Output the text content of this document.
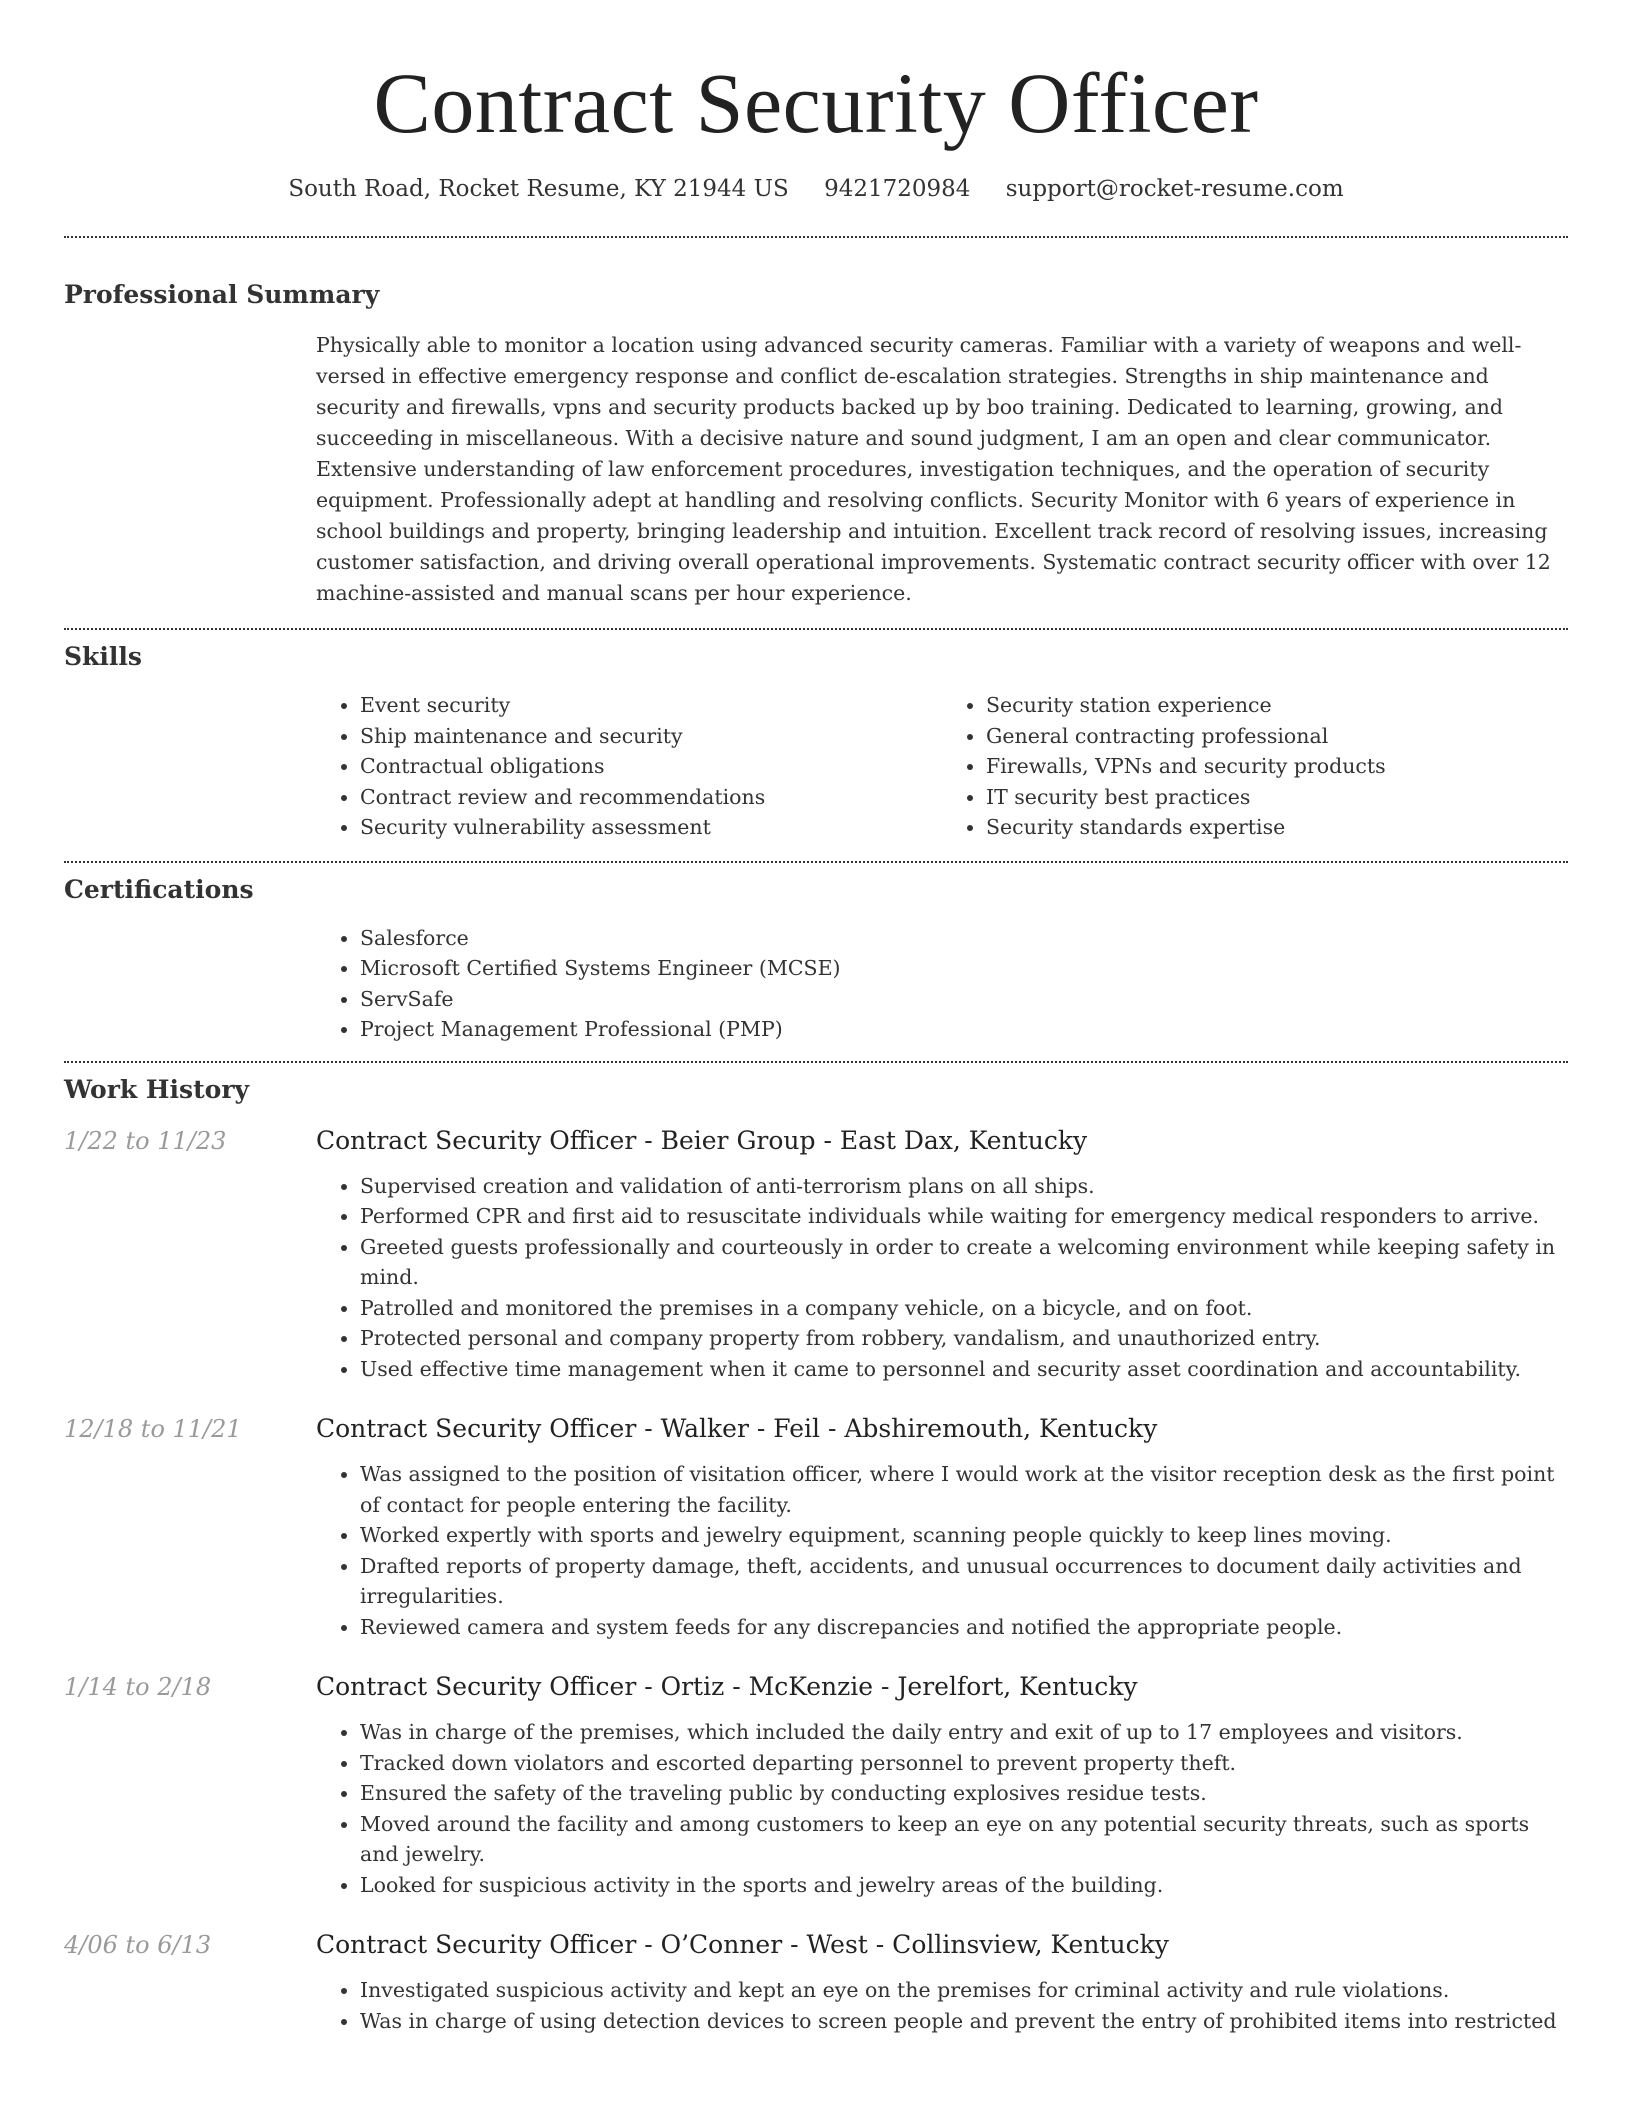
Contract Security Officer
South Road, Rocket Resume, KY 21944 US 9421720984 support@rocket-resume.com
Professional Summary
Physically able to monitor a location using advanced security cameras. Familiar with a variety of weapons and well-versed in effective emergency response and conflict de-escalation strategies. Strengths in ship maintenance and security and firewalls, vpns and security products backed up by boo training. Dedicated to learning, growing, and succeeding in miscellaneous. With a decisive nature and sound judgment, I am an open and clear communicator. Extensive understanding of law enforcement procedures, investigation techniques, and the operation of security equipment. Professionally adept at handling and resolving conflicts. Security Monitor with 6 years of experience in school buildings and property, bringing leadership and intuition. Excellent track record of resolving issues, increasing customer satisfaction, and driving overall operational improvements. Systematic contract security officer with over 12 machine-assisted and manual scans per hour experience.
Skills
• Event security
• Ship maintenance and security
• Contractual obligations
• Contract review and recommendations
• Security vulnerability assessment
• Security station experience
• General contracting professional
• Firewalls, VPNs and security products
• IT security best practices
• Security standards expertise
Certifications
• Salesforce
• Microsoft Certified Systems Engineer (MCSE)
• ServSafe
• Project Management Professional (PMP)
Work History
1/22 to 11/23	Contract Security Officer - Beier Group - East Dax, Kentucky
• Supervised creation and validation of anti-terrorism plans on all ships.
• Performed CPR and first aid to resuscitate individuals while waiting for emergency medical responders to arrive.
• Greeted guests professionally and courteously in order to create a welcoming environment while keeping safety in mind.
• Patrolled and monitored the premises in a company vehicle, on a bicycle, and on foot.
• Protected personal and company property from robbery, vandalism, and unauthorized entry.
• Used effective time management when it came to personnel and security asset coordination and accountability.
12/18 to 11/21	Contract Security Officer - Walker - Feil - Abshiremouth, Kentucky
• Was assigned to the position of visitation officer, where I would work at the visitor reception desk as the first point of contact for people entering the facility.
• Worked expertly with sports and jewelry equipment, scanning people quickly to keep lines moving.
• Drafted reports of property damage, theft, accidents, and unusual occurrences to document daily activities and irregularities.
• Reviewed camera and system feeds for any discrepancies and notified the appropriate people.
1/14 to 2/18	Contract Security Officer - Ortiz - McKenzie - Jerelfort, Kentucky
• Was in charge of the premises, which included the daily entry and exit of up to 17 employees and visitors.
• Tracked down violators and escorted departing personnel to prevent property theft.
• Ensured the safety of the traveling public by conducting explosives residue tests.
• Moved around the facility and among customers to keep an eye on any potential security threats, such as sports and jewelry.
• Looked for suspicious activity in the sports and jewelry areas of the building.
4/06 to 6/13	Contract Security Officer - O’Conner - West - Collinsview, Kentucky
• Investigated suspicious activity and kept an eye on the premises for criminal activity and rule violations.
• Was in charge of using detection devices to screen people and prevent the entry of prohibited items into restricted
